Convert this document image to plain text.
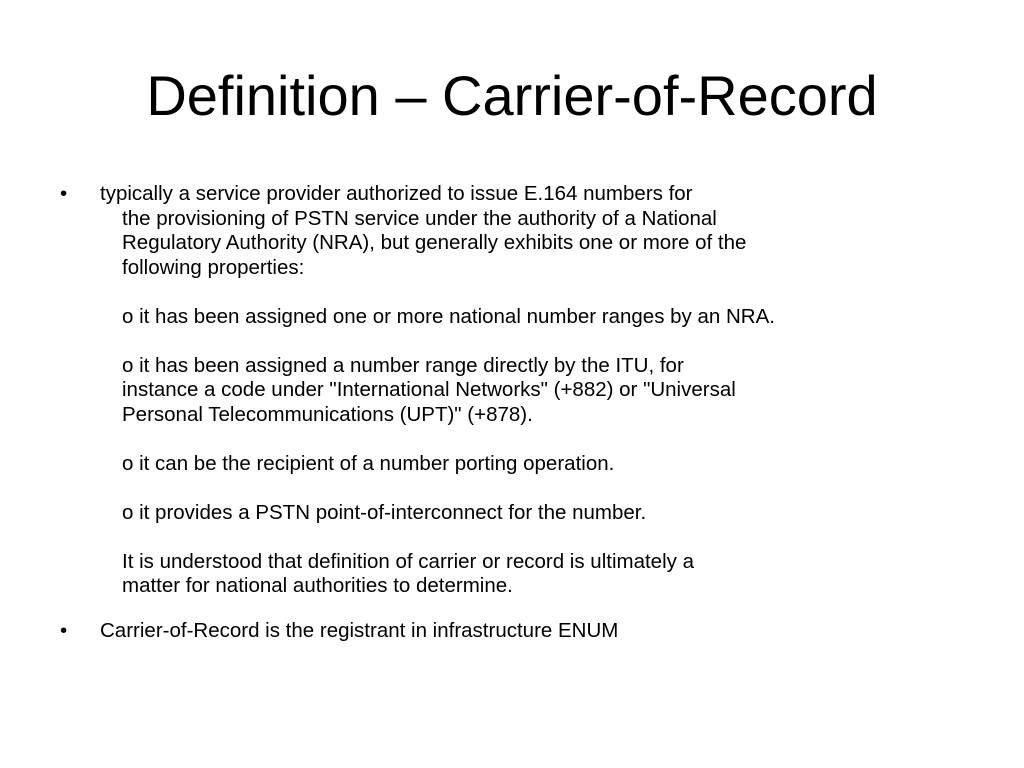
Definition – Carrier-of-Record
• typically a service provider authorized to issue E.164 numbers for
the provisioning of PSTN service under the authority of a National
Regulatory Authority (NRA), but generally exhibits one or more of the
following properties:
o it has been assigned one or more national number ranges by an NRA.
o it has been assigned a number range directly by the ITU, for
instance a code under "International Networks" (+882) or "Universal
Personal Telecommunications (UPT)" (+878).
o it can be the recipient of a number porting operation.
o it provides a PSTN point-of-interconnect for the number.
It is understood that definition of carrier or record is ultimately a
matter for national authorities to determine.
• Carrier-of-Record is the registrant in infrastructure ENUM
